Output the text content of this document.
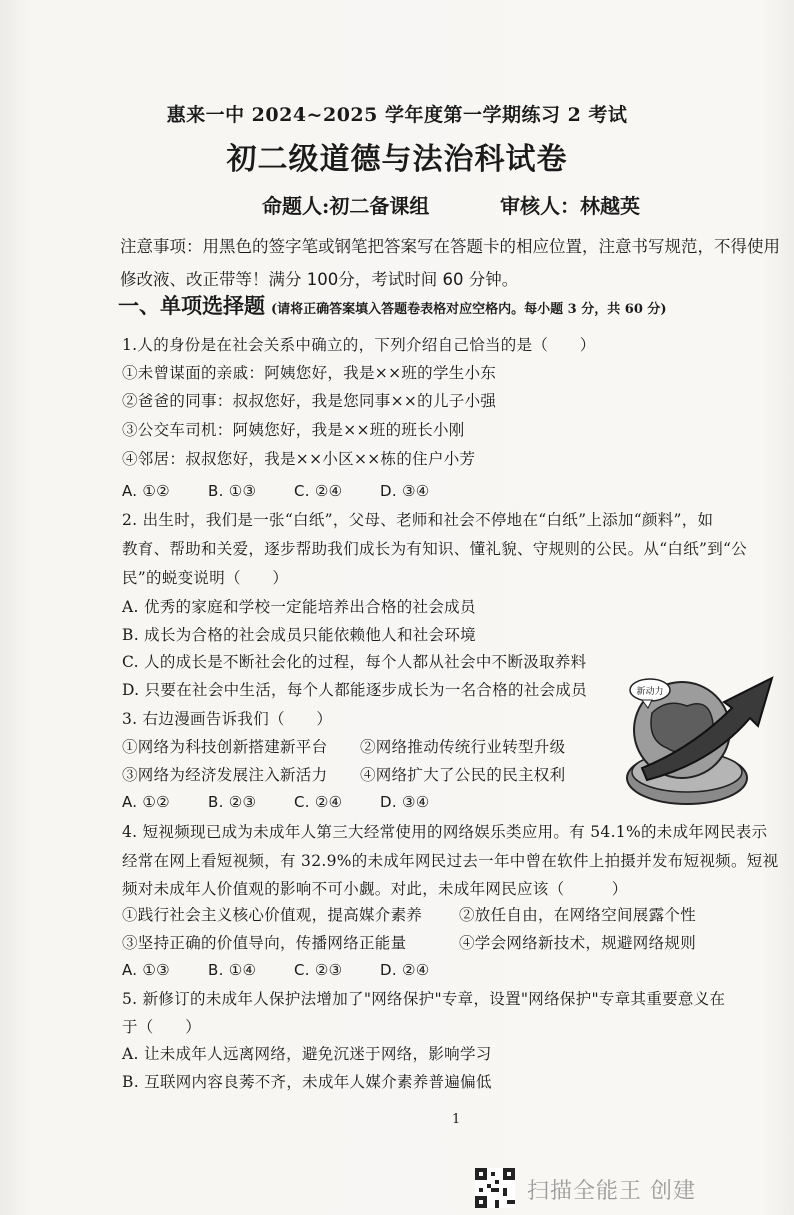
惠来一中 2024~2025 学年度第一学期练习 2 考试
初二级道德与法治科试卷
命题人:初二备课组	审核人：林越英
注意事项：用黑色的签字笔或钢笔把答案写在答题卡的相应位置，注意书写规范，不得使用
修改液、改正带等！满分 100分，考试时间 60 分钟。
一、单项选择题 (请将正确答案填入答题卷表格对应空格内。每小题 3 分，共 60 分)
1.人的身份是在社会关系中确立的，下列介绍自己恰当的是（　　）
①未曾谋面的亲戚：阿姨您好，我是××班的学生小东
②爸爸的同事：叔叔您好，我是您同事××的儿子小强
③公交车司机：阿姨您好，我是××班的班长小刚
④邻居：叔叔您好，我是××小区××栋的住户小芳
A. ①②	B. ①③	C. ②④	D. ③④
2. 出生时，我们是一张“白纸”，父母、老师和社会不停地在“白纸”上添加“颜料”，如
教育、帮助和关爱，逐步帮助我们成长为有知识、懂礼貌、守规则的公民。从“白纸”到“公
民”的蜕变说明（　　）
A. 优秀的家庭和学校一定能培养出合格的社会成员
B. 成长为合格的社会成员只能依赖他人和社会环境
C. 人的成长是不断社会化的过程，每个人都从社会中不断汲取养料
D. 只要在社会中生活，每个人都能逐步成长为一名合格的社会成员
3. 右边漫画告诉我们（　　）
①网络为科技创新搭建新平台 ②网络推动传统行业转型升级
③网络为经济发展注入新活力 ④网络扩大了公民的民主权利
A. ①②	B. ②③	C. ②④	D. ③④
新动力
4. 短视频现已成为未成年人第三大经常使用的网络娱乐类应用。有 54.1%的未成年网民表示
经常在网上看短视频，有 32.9%的未成年网民过去一年中曾在软件上拍摄并发布短视频。短视
频对未成年人价值观的影响不可小觑。对此，未成年网民应该（　　　）
①践行社会主义核心价值观，提高媒介素养 ②放任自由，在网络空间展露个性
③坚持正确的价值导向，传播网络正能量	④学会网络新技术，规避网络规则
A. ①③	B. ①④	C. ②③	D. ②④
5. 新修订的未成年人保护法增加了"网络保护"专章，设置"网络保护"专章其重要意义在
于（　　）
A. 让未成年人远离网络，避免沉迷于网络，影响学习
B. 互联网内容良莠不齐，未成年人媒介素养普遍偏低
1
扫描全能王 创建
